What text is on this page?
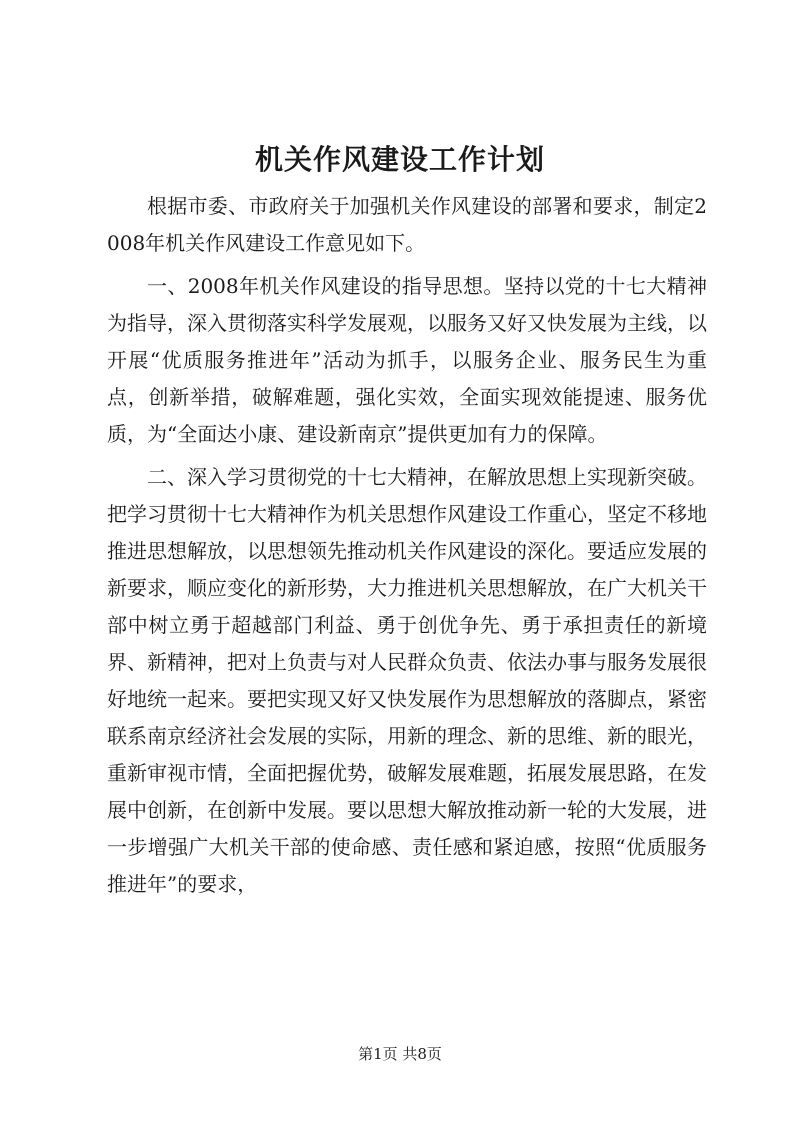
机关作风建设工作计划

根据市委、市政府关于加强机关作风建设的部署和要求，制定2008年机关作风建设工作意见如下。

一、2008年机关作风建设的指导思想。坚持以党的十七大精神为指导，深入贯彻落实科学发展观，以服务又好又快发展为主线，以开展“优质服务推进年”活动为抓手，以服务企业、服务民生为重点，创新举措，破解难题，强化实效，全面实现效能提速、服务优质，为“全面达小康、建设新南京”提供更加有力的保障。

二、深入学习贯彻党的十七大精神，在解放思想上实现新突破。把学习贯彻十七大精神作为机关思想作风建设工作重心，坚定不移地推进思想解放，以思想领先推动机关作风建设的深化。要适应发展的新要求，顺应变化的新形势，大力推进机关思想解放，在广大机关干部中树立勇于超越部门利益、勇于创优争先、勇于承担责任的新境界、新精神，把对上负责与对人民群众负责、依法办事与服务发展很好地统一起来。要把实现又好又快发展作为思想解放的落脚点，紧密联系南京经济社会发展的实际，用新的理念、新的思维、新的眼光，重新审视市情，全面把握优势，破解发展难题，拓展发展思路，在发展中创新，在创新中发展。要以思想大解放推动新一轮的大发展，进一步增强广大机关干部的使命感、责任感和紧迫感，按照“优质服务推进年”的要求，

第1页 共8页
